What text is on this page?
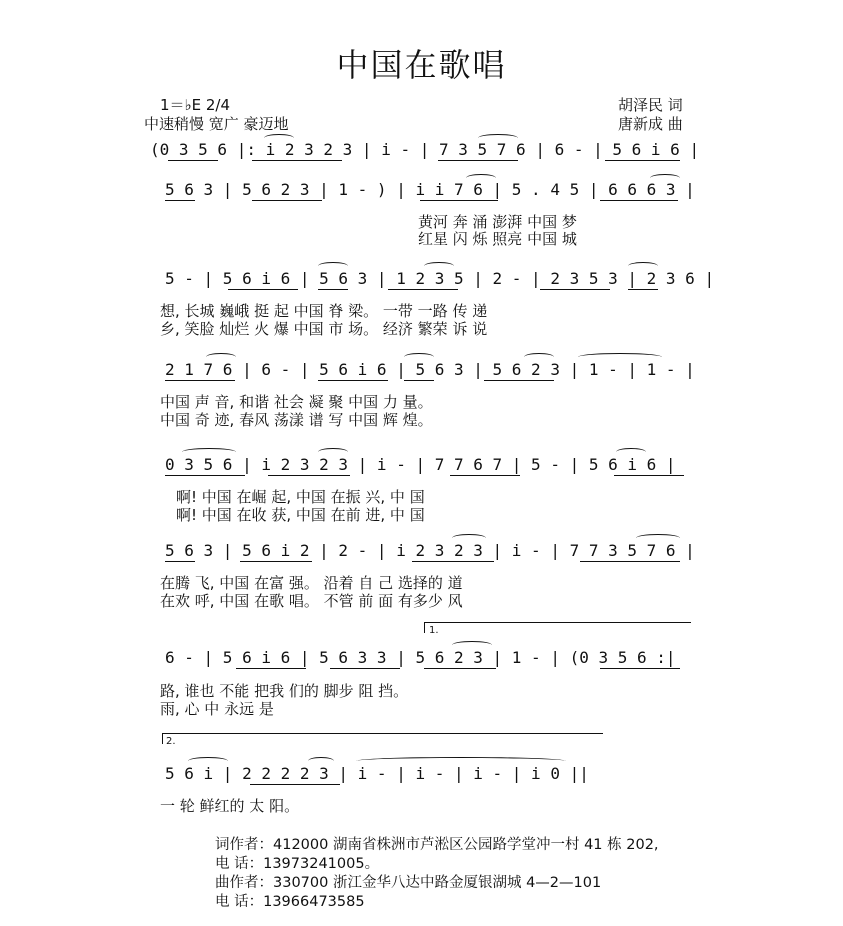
中国在歌唱
1＝♭E 2/4
中速稍慢 宽广 豪迈地
胡泽民 词
唐新成 曲
(0 3 5 6 |: i 2 3 2 3 | i - | 7 3 5 7 6 | 6 - | 5 6 i 6 |
5 6 3 | 5 6 2 3 | 1 - ) | i i 7 6 | 5 . 4 5 | 6 6 6 3 |
黄河 奔 涌 澎湃 中国 梦
红星 闪 烁 照亮 中国 城
5 - | 5 6 i 6 | 5 6 3 | 1 2 3 5 | 2 - | 2 3 5 3 | 2 3 6 |
想, 长城 巍峨 挺 起 中国 脊 梁。 一带 一路 传 递
乡, 笑脸 灿烂 火 爆 中国 市 场。 经济 繁荣 诉 说
2 1 7 6 | 6 - | 5 6 i 6 | 5 6 3 | 5 6 2 3 | 1 - | 1 - |
中国 声 音, 和谐 社会 凝 聚 中国 力 量。
中国 奇 迹, 春风 荡漾 谱 写 中国 辉 煌。
0 3 5 6 | i 2 3 2 3 | i - | 7 7 6 7 | 5 - | 5 6 i 6 |
啊! 中国 在崛 起, 中国 在振 兴, 中 国
啊! 中国 在收 获, 中国 在前 进, 中 国
5 6 3 | 5 6 i 2 | 2 - | i 2 3 2 3 | i - | 7 7 3 5 7 6 |
在腾 飞, 中国 在富 强。 沿着 自 己 选择的 道
在欢 呼, 中国 在歌 唱。 不管 前 面 有多少 风
1.
6 - | 5 6 i 6 | 5 6 3 3 | 5 6 2 3 | 1 - | (0 3 5 6 :|
路, 谁也 不能 把我 们的 脚步 阻 挡。
雨, 心 中 永远 是
2.
5 6 i | 2 2 2 2 3 | i - | i - | i - | i 0 ||
一 轮 鲜红的 太 阳。
词作者：412000 湖南省株洲市芦淞区公园路学堂冲一村 41 栋 202,
电 话：13973241005。
曲作者：330700 浙江金华八达中路金厦银湖城 4—2—101
电 话：13966473585
